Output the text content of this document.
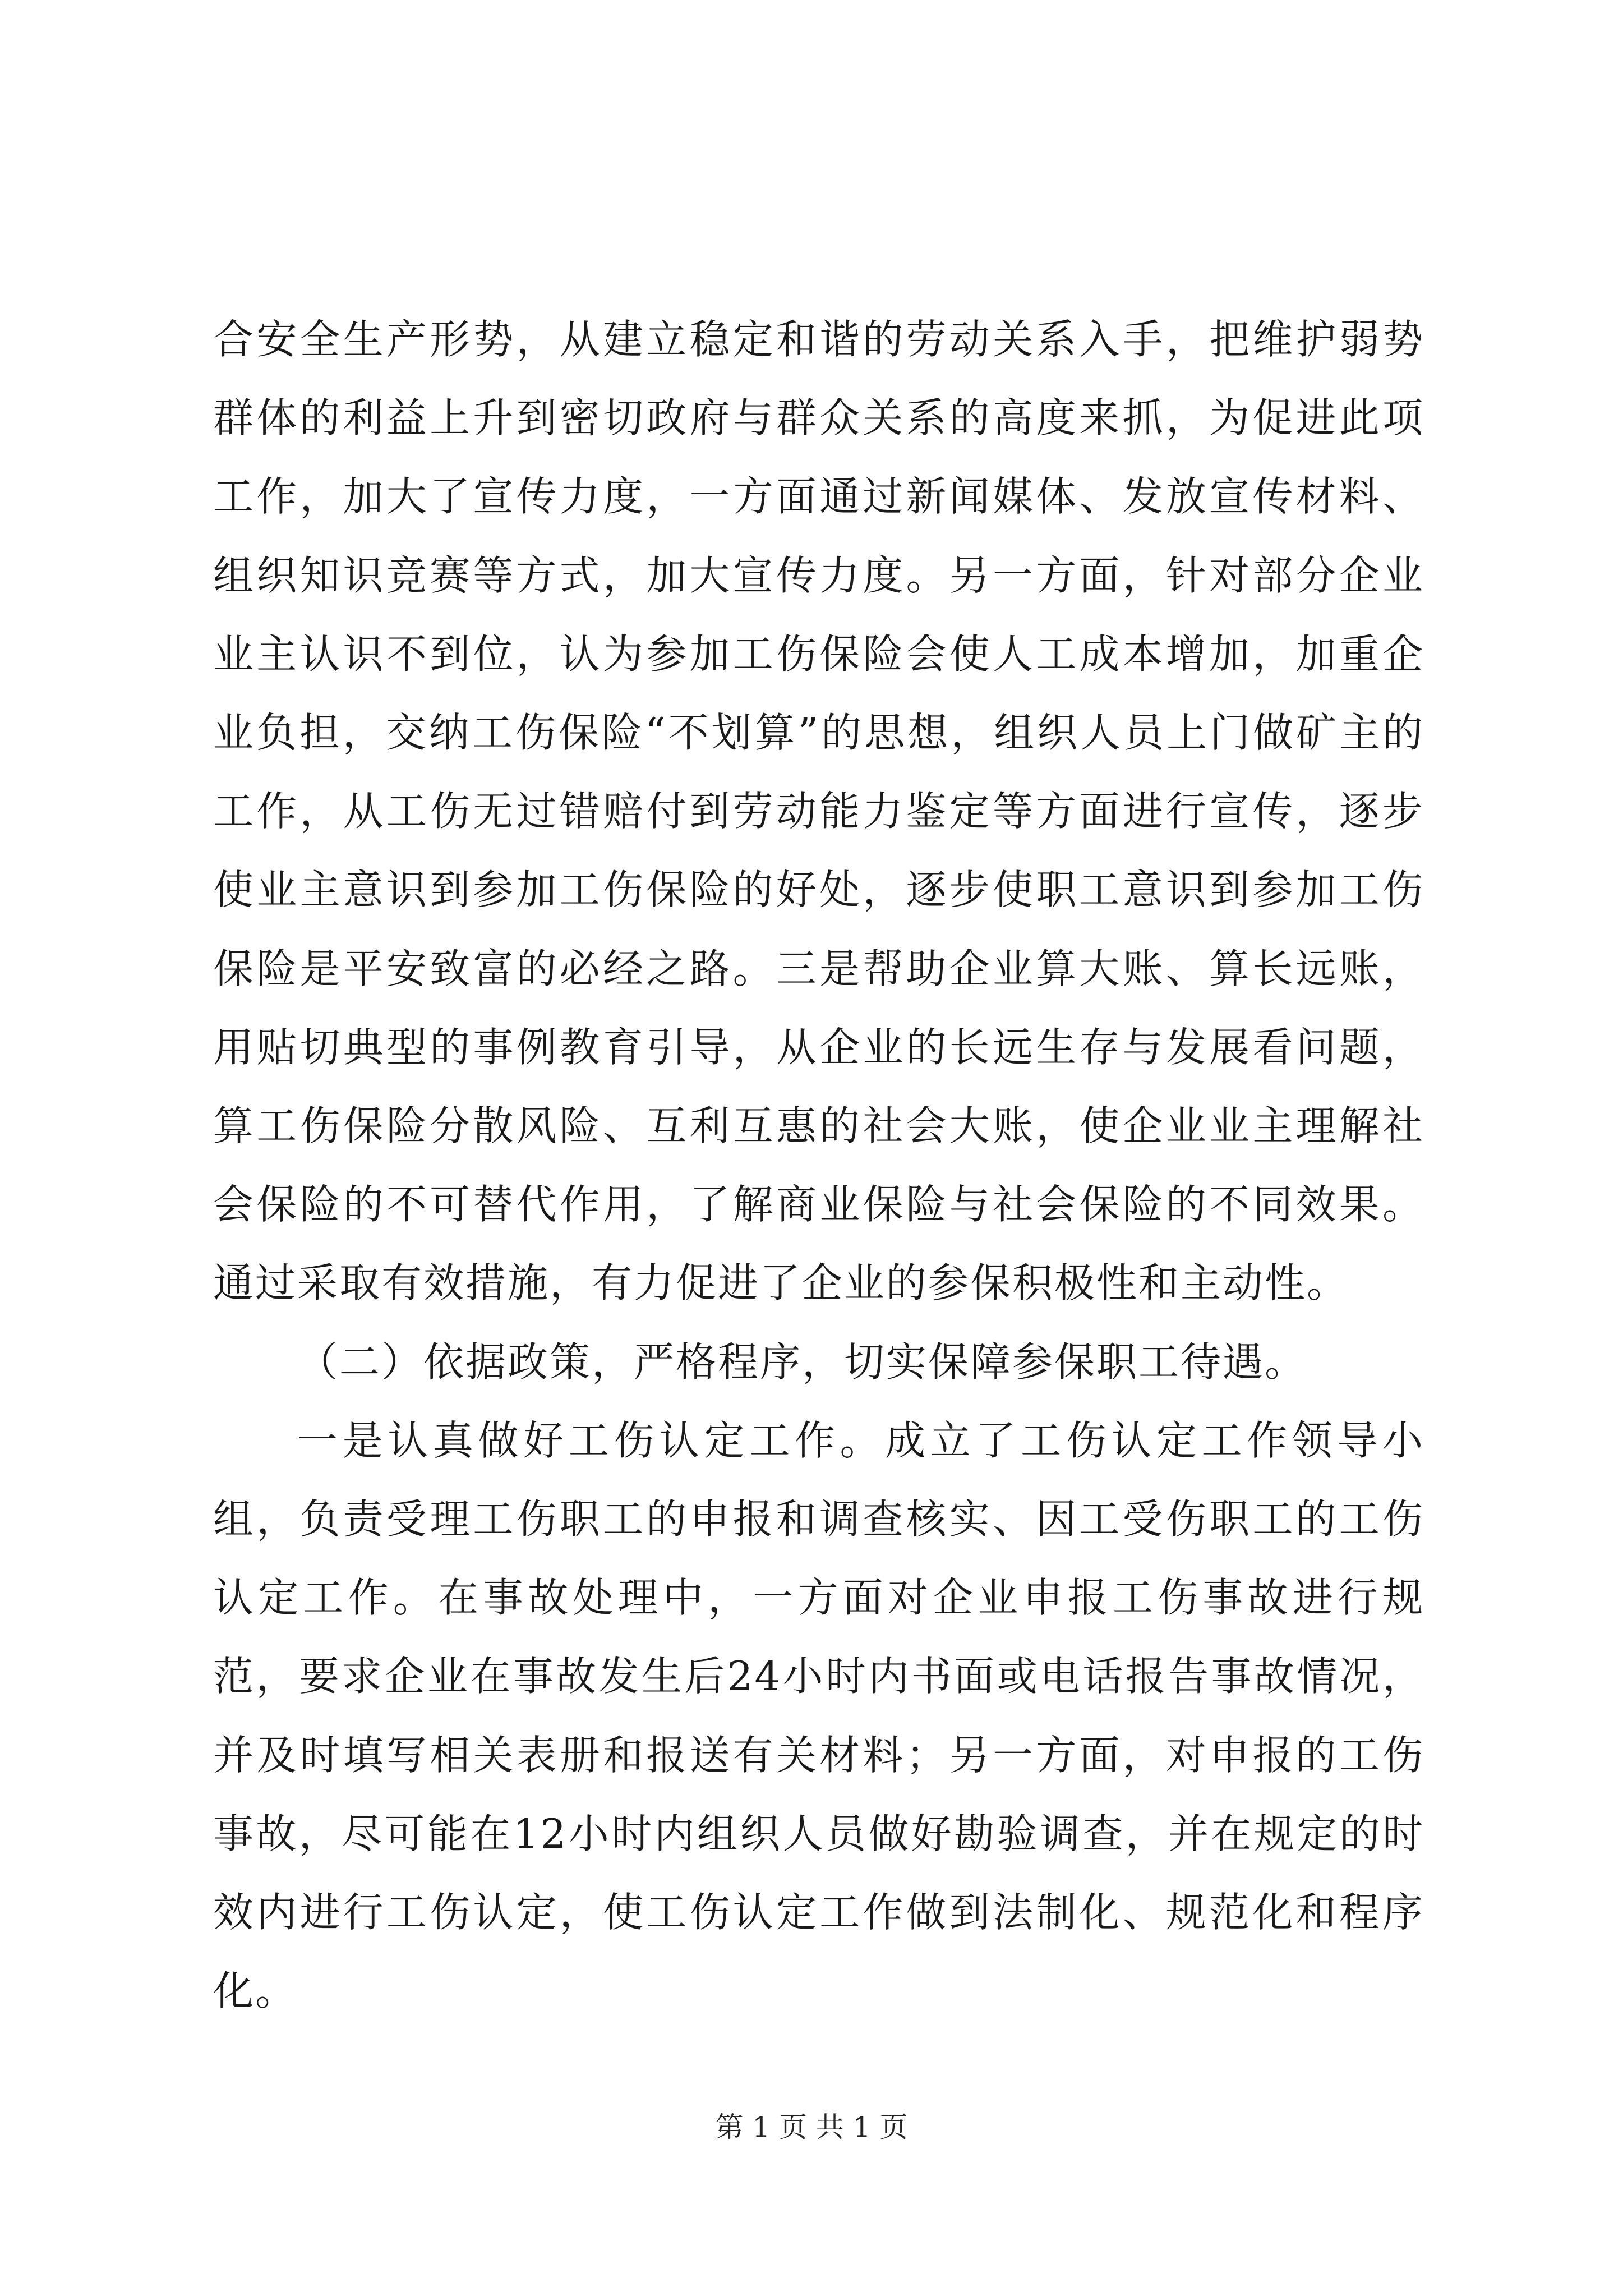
合安全生产形势，从建立稳定和谐的劳动关系入手，把维护弱势群体的利益上升到密切政府与群众关系的高度来抓，为促进此项工作，加大了宣传力度，一方面通过新闻媒体、发放宣传材料、组织知识竞赛等方式，加大宣传力度。另一方面，针对部分企业业主认识不到位，认为参加工伤保险会使人工成本增加，加重企业负担，交纳工伤保险“不划算”的思想，组织人员上门做矿主的工作，从工伤无过错赔付到劳动能力鉴定等方面进行宣传，逐步使业主意识到参加工伤保险的好处，逐步使职工意识到参加工伤保险是平安致富的必经之路。三是帮助企业算大账、算长远账，用贴切典型的事例教育引导，从企业的长远生存与发展看问题，算工伤保险分散风险、互利互惠的社会大账，使企业业主理解社会保险的不可替代作用，了解商业保险与社会保险的不同效果。通过采取有效措施，有力促进了企业的参保积极性和主动性。

（二）依据政策，严格程序，切实保障参保职工待遇。

一是认真做好工伤认定工作。成立了工伤认定工作领导小组，负责受理工伤职工的申报和调查核实、因工受伤职工的工伤认定工作。在事故处理中，一方面对企业申报工伤事故进行规范，要求企业在事故发生后24小时内书面或电话报告事故情况，并及时填写相关表册和报送有关材料；另一方面，对申报的工伤事故，尽可能在12小时内组织人员做好勘验调查，并在规定的时效内进行工伤认定，使工伤认定工作做到法制化、规范化和程序化。

第 1 页 共 1 页
